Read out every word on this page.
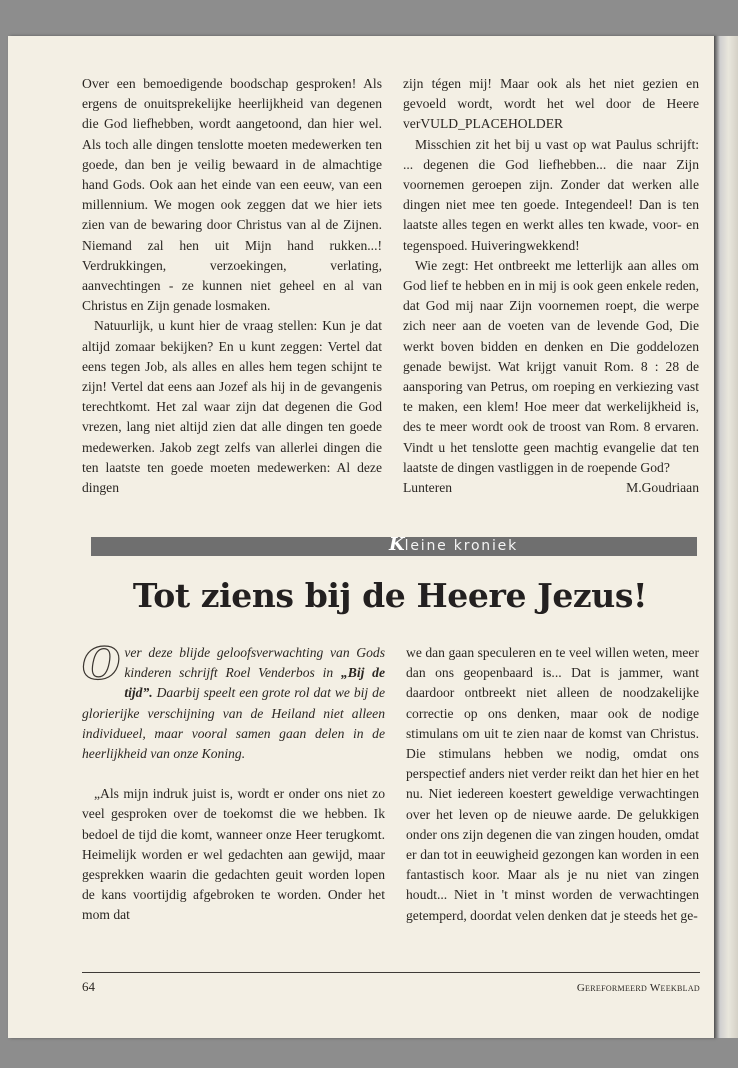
Over een bemoedigende boodschap gesproken! Als ergens de onuitsprekelijke heerlijkheid van degenen die God liefhebben, wordt aangetoond, dan hier wel. Als toch alle dingen tenslotte moeten medewerken ten goede, dan ben je veilig bewaard in de almachtige hand Gods. Ook aan het einde van een eeuw, van een millennium. We mogen ook zeggen dat we hier iets zien van de bewaring door Christus van al de Zijnen. Niemand zal hen uit Mijn hand rukken...! Verdrukkingen, verzoekingen, verlating, aanvechtingen - ze kunnen niet geheel en al van Christus en Zijn genade losmaken.

Natuurlijk, u kunt hier de vraag stellen: Kun je dat altijd zomaar bekijken? En u kunt zeggen: Vertel dat eens tegen Job, als alles en alles hem tegen schijnt te zijn! Vertel dat eens aan Jozef als hij in de gevangenis terechtkomt. Het zal waar zijn dat degenen die God vrezen, lang niet altijd zien dat alle dingen ten goede medewerken. Jakob zegt zelfs van allerlei dingen die ten laatste ten goede moeten medewerken: Al deze dingen

zijn tégen mij! Maar ook als het niet gezien en gevoeld wordt, wordt het wel door de Heere verVULD_PLACEHOLDER

Misschien zit het bij u vast op wat Paulus schrijft: ... degenen die God liefhebben... die naar Zijn voornemen geroepen zijn. Zonder dat werken alle dingen niet mee ten goede. Integendeel! Dan is ten laatste alles tegen en werkt alles ten kwade, voor- en tegenspoed. Huiveringwekkend!

Wie zegt: Het ontbreekt me letterlijk aan alles om God lief te hebben en in mij is ook geen enkele reden, dat God mij naar Zijn voornemen roept, die werpe zich neer aan de voeten van de levende God, Die werkt boven bidden en denken en Die goddelozen genade bewijst. Wat krijgt vanuit Rom. 8 : 28 de aansporing van Petrus, om roeping en verkiezing vast te maken, een klem! Hoe meer dat werkelijkheid is, des te meer wordt ook de troost van Rom. 8 ervaren. Vindt u het tenslotte geen machtig evangelie dat ten laatste de dingen vastliggen in de roepende God?

Lunteren	M.Goudriaan
Kleine kroniek
Tot ziens bij de Heere Jezus!

Over deze blijde geloofsverwachting van Gods kinderen schrijft Roel Venderbos in „Bij de tijd”. Daarbij speelt een grote rol dat we bij de glorierijke verschijning van de Heiland niet alleen individueel, maar vooral samen gaan delen in de heerlijkheid van onze Koning.

„Als mijn indruk juist is, wordt er onder ons niet zo veel gesproken over de toekomst die we hebben. Ik bedoel de tijd die komt, wanneer onze Heer terugkomt. Heimelijk worden er wel gedachten aan gewijd, maar gesprekken waarin die gedachten geuit worden lopen de kans voortijdig afgebroken te worden. Onder het mom dat

we dan gaan speculeren en te veel willen weten, meer dan ons geopenbaard is... Dat is jammer, want daardoor ontbreekt niet alleen de noodzakelijke correctie op ons denken, maar ook de nodige stimulans om uit te zien naar de komst van Christus. Die stimulans hebben we nodig, omdat ons perspectief anders niet verder reikt dan het hier en het nu. Niet iedereen koestert geweldige verwachtingen over het leven op de nieuwe aarde. De gelukkigen onder ons zijn degenen die van zingen houden, omdat er dan tot in eeuwigheid gezongen kan worden in een fantastisch koor. Maar als je nu niet van zingen houdt... Niet in 't minst worden de verwachtingen getemperd, doordat velen denken dat je steeds het ge-

64	Gereformeerd Weekblad
